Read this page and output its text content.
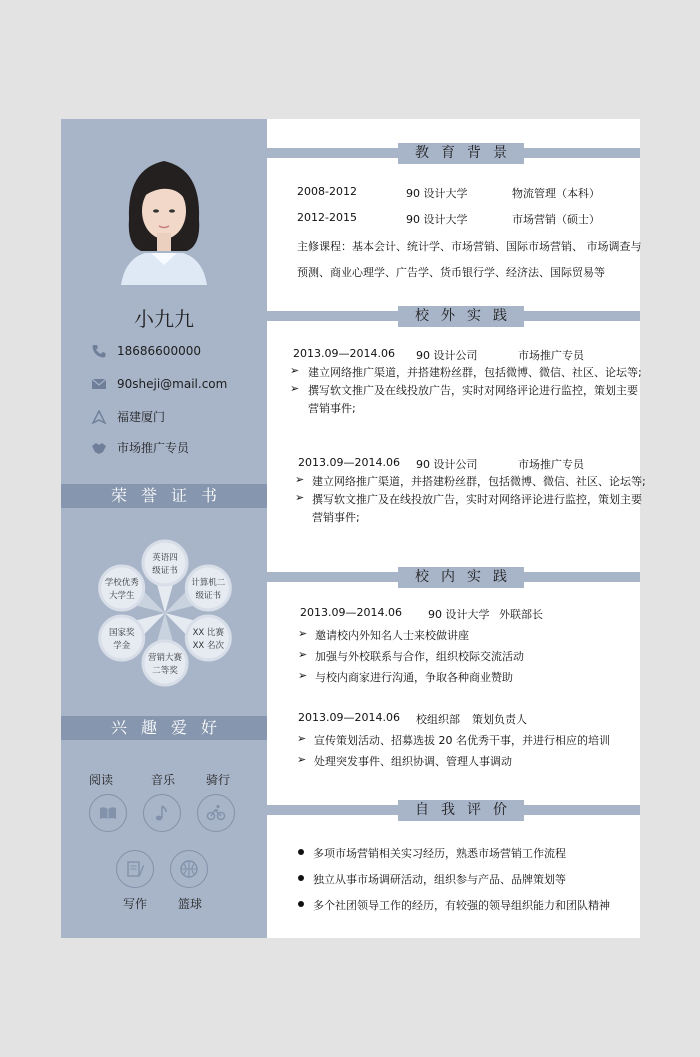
小九九
18686600000
90sheji@mail.com
福建厦门
市场推广专员
荣誉证书
英语四
级证书
计算机二
级证书
XX 比赛
XX 名次
营销大赛
二等奖
国家奖
学金
学校优秀
大学生
兴趣爱好
阅读	音乐	骑行
写作	篮球
教育背景
2008-2012	90 设计大学	物流管理（本科）
2012-2015	90 设计大学	市场营销（硕士）
主修课程：基本会计、统计学、市场营销、国际市场营销、 市场调查与
预测、商业心理学、广告学、货币银行学、经济法、国际贸易等
校外实践
2013.09—2014.06 90 设计公司	市场推广专员
➢ 建立网络推广渠道，并搭建粉丝群，包括微博、微信、社区、论坛等;
➢ 撰写软文推广及在线投放广告，实时对网络评论进行监控，策划主要
营销事件;
2013.09—2014.06 90 设计公司	市场推广专员
➢ 建立网络推广渠道，并搭建粉丝群，包括微博、微信、社区、论坛等;
➢ 撰写软文推广及在线投放广告，实时对网络评论进行监控，策划主要
营销事件;
校内实践
2013.09—2014.06 90 设计大学 外联部长
➢ 邀请校内外知名人士来校做讲座
➢ 加强与外校联系与合作，组织校际交流活动
➢ 与校内商家进行沟通，争取各种商业赞助
2013.09—2014.06 校组织部 策划负责人
➢ 宣传策划活动、招募选拔 20 名优秀干事，并进行相应的培训
➢ 处理突发事件、组织协调、管理人事调动
自我评价
多项市场营销相关实习经历，熟悉市场营销工作流程
独立从事市场调研活动，组织参与产品、品牌策划等
多个社团领导工作的经历，有较强的领导组织能力和团队精神
